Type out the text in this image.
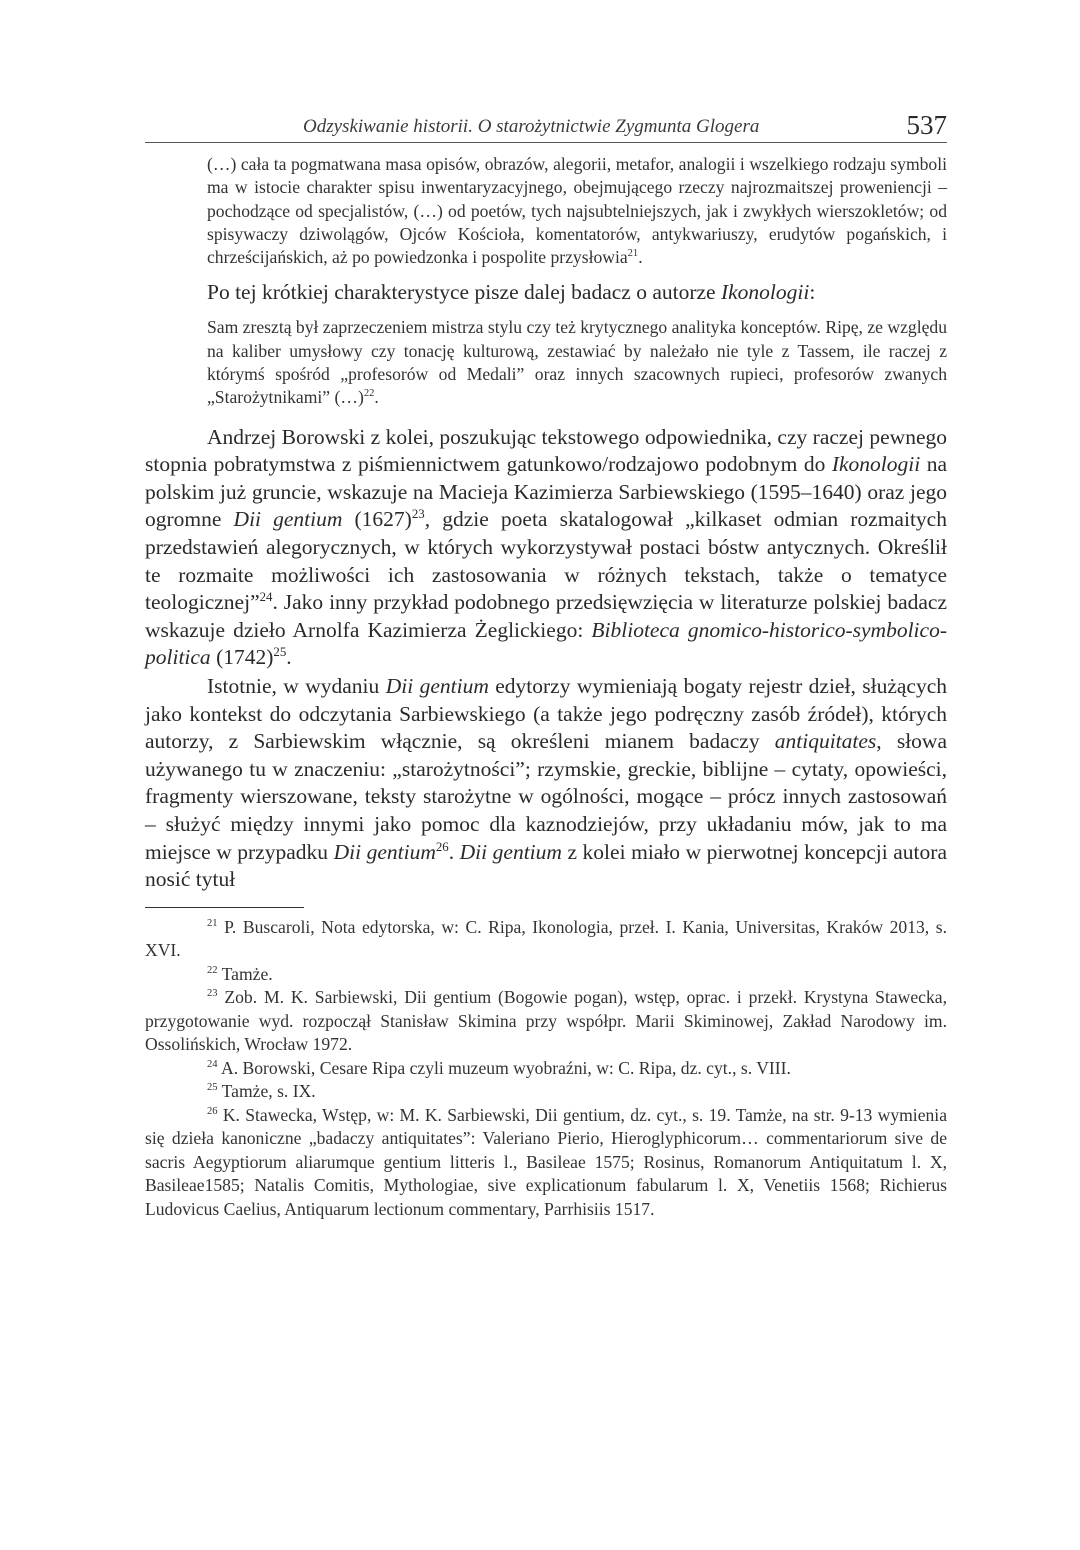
Odzyskiwanie historii. O starożytnictwie Zygmunta Glogera	537
(…) cała ta pogmatwana masa opisów, obrazów, alegorii, metafor, analogii i wszelkiego rodzaju symboli ma w istocie charakter spisu inwentaryzacyjnego, obejmującego rzeczy najrozmaitszej proweniencji – pochodzące od specjalistów, (…) od poetów, tych najsubtelniejszych, jak i zwykłych wierszokletów; od spisywaczy dziwolągów, Ojców Kościoła, komentatorów, antykwariuszy, erudytów pogańskich, i chrześcijańskich, aż po powiedzonka i pospolite przysłowia$^{21}$.
Po tej krótkiej charakterystyce pisze dalej badacz o autorze Ikonologii:
Sam zresztą był zaprzeczeniem mistrza stylu czy też krytycznego analityka konceptów. Ripę, ze względu na kaliber umysłowy czy tonację kulturową, zestawiać by należało nie tyle z Tassem, ile raczej z którymś spośród „profesorów od Medali” oraz innych szacownych rupieci, profesorów zwanych „Starożytnikami” (…)$^{22}$.
Andrzej Borowski z kolei, poszukując tekstowego odpowiednika, czy raczej pewnego stopnia pobratymstwa z piśmiennictwem gatunkowo/rodzajowo podobnym do Ikonologii na polskim już gruncie, wskazuje na Macieja Kazimierza Sarbiewskiego (1595–1640) oraz jego ogromne Dii gentium $(1627)^{23}$, gdzie poeta skatalogował „kilkaset odmian rozmaitych przedstawień alegorycznych, w których wykorzystywał postaci bóstw antycznych. Określił te rozmaite możliwości ich zastosowania w różnych tekstach, także o tematyce teologicznej”$^{24}$. Jako inny przykład podobnego przedsięwzięcia w literaturze polskiej badacz wskazuje dzieło Arnolfa Kazimierza Żeglickiego: Biblioteca gnomico-historico-symbolico-politica $(1742)^{25}$.
Istotnie, w wydaniu Dii gentium edytorzy wymieniają bogaty rejestr dzieł, służących jako kontekst do odczytania Sarbiewskiego (a także jego podręczny zasób źródeł), których autorzy, z Sarbiewskim włącznie, są określeni mianem badaczy antiquitates, słowa używanego tu w znaczeniu: „starożytności”; rzymskie, greckie, biblijne – cytaty, opowieści, fragmenty wierszowane, teksty starożytne w ogólności, mogące – prócz innych zastosowań – służyć między innymi jako pomoc dla kaznodziejów, przy układaniu mów, jak to ma miejsce w przypadku Dii gentium$^{26}$. Dii gentium z kolei miało w pierwotnej koncepcji autora nosić tytuł
$^{21}$ P. Buscaroli, Nota edytorska, w: C. Ripa, Ikonologia, przeł. I. Kania, Universitas, Kraków 2013, s. XVI.
$^{22}$ Tamże.
$^{23}$ Zob. M. K. Sarbiewski, Dii gentium (Bogowie pogan), wstęp, oprac. i przekł. Krystyna Stawecka, przygotowanie wyd. rozpoczął Stanisław Skimina przy współpr. Marii Skiminowej, Zakład Narodowy im. Ossolińskich, Wrocław 1972.
$^{24}$ A. Borowski, Cesare Ripa czyli muzeum wyobraźni, w: C. Ripa, dz. cyt., s. VIII.
$^{25}$ Tamże, s. IX.
$^{26}$ K. Stawecka, Wstęp, w: M. K. Sarbiewski, Dii gentium, dz. cyt., s. 19. Tamże, na str. 9-13 wymienia się dzieła kanoniczne „badaczy antiquitates”: Valeriano Pierio, Hieroglyphicorum… commentariorum sive de sacris Aegyptiorum aliarumque gentium litteris l., Basileae 1575; Rosinus, Romanorum Antiquitatum l. X, Basileae1585; Natalis Comitis, Mythologiae, sive explicationum fabularum l. X, Venetiis 1568; Richierus Ludovicus Caelius, Antiquarum lectionum commentary, Parrhisiis 1517.
